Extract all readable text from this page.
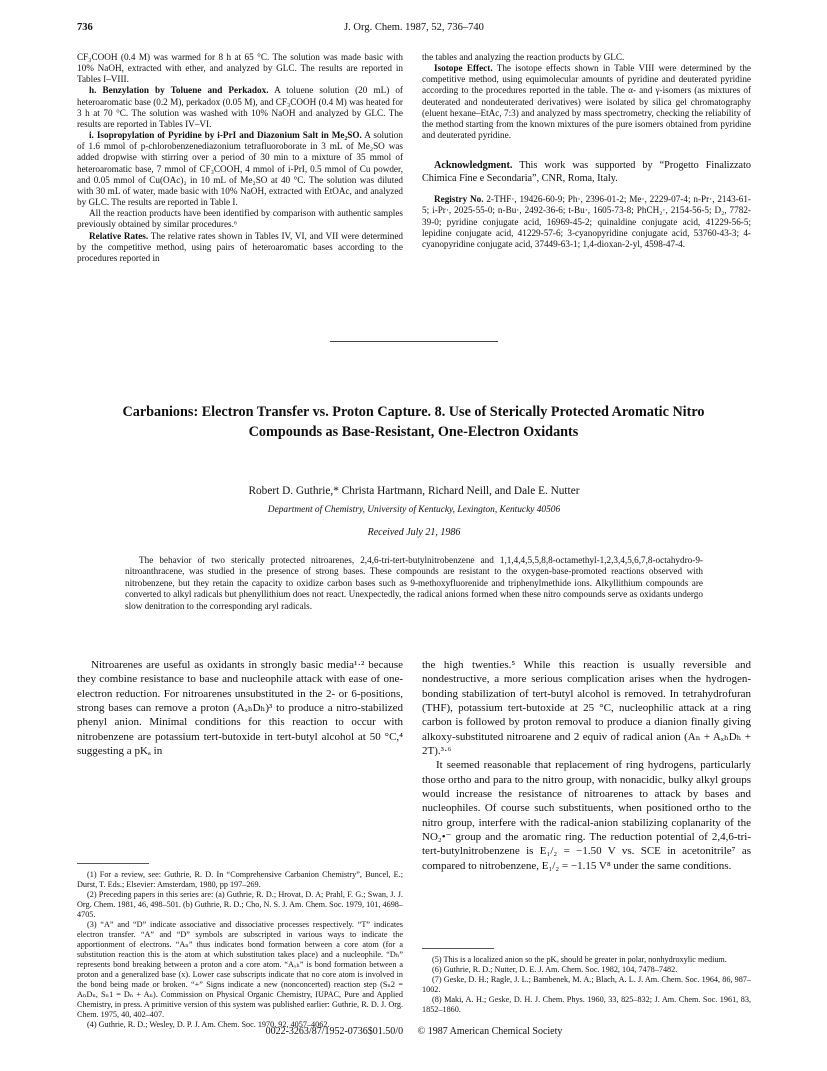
736	J. Org. Chem. 1987, 52, 736–740

CF₃COOH (0.4 M) was warmed for 8 h at 65 °C. The solution was made basic with 10% NaOH, extracted with ether, and analyzed by GLC. The results are reported in Tables I–VIII.

h. Benzylation by Toluene and Perkadox. A toluene solution (20 mL) of heteroaromatic base (0.2 M), perkadox (0.05 M), and CF₃COOH (0.4 M) was heated for 3 h at 70 °C. The solution was washed with 10% NaOH and analyzed by GLC. The results are reported in Tables IV–VI.

i. Isopropylation of Pyridine by i-PrI and Diazonium Salt in Me₂SO. A solution of 1.6 mmol of p-chlorobenzenediazonium tetrafluoroborate in 3 mL of Me₂SO was added dropwise with stirring over a period of 30 min to a mixture of 35 mmol of heteroaromatic base, 7 mmol of CF₃COOH, 4 mmol of i-PrI, 0.5 mmol of Cu powder, and 0.05 mmol of Cu(OAc)₂ in 10 mL of Me₂SO at 40 °C. The solution was diluted with 30 mL of water, made basic with 10% NaOH, extracted with EtOAc, and analyzed by GLC. The results are reported in Table I.

All the reaction products have been identified by comparison with authentic samples previously obtained by similar procedures.⁶

Relative Rates. The relative rates shown in Tables IV, VI, and VII were determined by the competitive method, using pairs of heteroaromatic bases according to the procedures reported in

the tables and analyzing the reaction products by GLC.

Isotope Effect. The isotope effects shown in Table VIII were determined by the competitive method, using equimolecular amounts of pyridine and deuterated pyridine according to the procedures reported in the table. The α- and γ-isomers (as mixtures of deuterated and nondeuterated derivatives) were isolated by silica gel chromatography (eluent hexane–EtAc, 7:3) and analyzed by mass spectrometry, checking the reliability of the method starting from the known mixtures of the pure isomers obtained from pyridine and deuterated pyridine.

Acknowledgment. This work was supported by “Progetto Finalizzato Chimica Fine e Secondaria”, CNR, Roma, Italy.

Registry No. 2-THF·, 19426-60-9; Ph·, 2396-01-2; Me·, 2229-07-4; n-Pr·, 2143-61-5; i-Pr·, 2025-55-0; n-Bu·, 2492-36-6; t-Bu·, 1605-73-8; PhCH₂·, 2154-56-5; D₂, 7782-39-0; pyridine conjugate acid, 16969-45-2; quinaldine conjugate acid, 41229-56-5; lepidine conjugate acid, 41229-57-6; 3-cyanopyridine conjugate acid, 53760-43-3; 4-cyanopyridine conjugate acid, 37449-63-1; 1,4-dioxan-2-yl, 4598-47-4.

Carbanions: Electron Transfer vs. Proton Capture. 8. Use of Sterically Protected Aromatic Nitro Compounds as Base-Resistant, One-Electron Oxidants
Robert D. Guthrie,* Christa Hartmann, Richard Neill, and Dale E. Nutter
Department of Chemistry, University of Kentucky, Lexington, Kentucky 40506
Received July 21, 1986

The behavior of two sterically protected nitroarenes, 2,4,6-tri-tert-butylnitrobenzene and 1,1,4,4,5,5,8,8-octamethyl-1,2,3,4,5,6,7,8-octahydro-9-nitroanthracene, was studied in the presence of strong bases. These compounds are resistant to the oxygen-base-promoted reactions observed with nitrobenzene, but they retain the capacity to oxidize carbon bases such as 9-methoxyfluorenide and triphenylmethide ions. Alkyllithium compounds are converted to alkyl radicals but phenyllithium does not react. Unexpectedly, the radical anions formed when these nitro compounds serve as oxidants undergo slow denitration to the corresponding aryl radicals.

Nitroarenes are useful as oxidants in strongly basic media¹·² because they combine resistance to base and nucleophile attack with ease of one-electron reduction. For nitroarenes unsubstituted in the 2- or 6-positions, strong bases can remove a proton (AₓₕDₕ)³ to produce a nitro-stabilized phenyl anion. Minimal conditions for this reaction to occur with nitrobenzene are potassium tert-butoxide in tert-butyl alcohol at 50 °C,⁴ suggesting a pKₐ in

the high twenties.⁵ While this reaction is usually reversible and nondestructive, a more serious complication arises when the hydrogen-bonding stabilization of tert-butyl alcohol is removed. In tetrahydrofuran (THF), potassium tert-butoxide at 25 °C, nucleophilic attack at a ring carbon is followed by proton removal to produce a dianion finally giving alkoxy-substituted nitroarene and 2 equiv of radical anion (Aₙ + AₓₕDₕ + 2T).³·⁶

It seemed reasonable that replacement of ring hydrogens, particularly those ortho and para to the nitro group, with nonacidic, bulky alkyl groups would increase the resistance of nitroarenes to attack by bases and nucleophiles. Of course such substituents, when positioned ortho to the nitro group, interfere with the radical-anion stabilizing coplanarity of the NO₂•⁻ group and the aromatic ring. The reduction potential of 2,4,6-tri-tert-butylnitrobenzene is E₁/₂ = −1.50 V vs. SCE in acetonitrile⁷ as compared to nitrobenzene, E₁/₂ = −1.15 V⁸ under the same conditions.

(1) For a review, see: Guthrie, R. D. In “Comprehensive Carbanion Chemistry”, Buncel, E.; Durst, T. Eds.; Elsevier: Amsterdam, 1980, pp 197–269.

(2) Preceding papers in this series are: (a) Guthrie, R. D.; Hrovat, D. A; Prahl, F. G.; Swan, J. J. Org. Chem. 1981, 46, 498–501. (b) Guthrie, R. D.; Cho, N. S. J. Am. Chem. Soc. 1979, 101, 4698–4705.

(3) “A” and “D” indicate associative and dissociative processes respectively. “T” indicates electron transfer. “A” and “D” symbols are subscripted in various ways to indicate the apportionment of electrons. “Aₙ” thus indicates bond formation between a core atom (for a substitution reaction this is the atom at which substitution takes place) and a nucleophile. “Dₕ” represents bond breaking between a proton and a core atom. “Aₓₕ” is bond formation between a proton and a generalized base (x). Lower case subscripts indicate that no core atom is involved in the bond being made or broken. “+” Signs indicate a new (nonconcerted) reaction step (Sₙ2 = AₙDₙ, Sₙ1 = Dₙ + Aₙ). Commission on Physical Organic Chemistry, IUPAC, Pure and Applied Chemistry, in press. A primitive version of this system was published earlier: Guthrie, R. D. J. Org. Chem. 1975, 40, 402–407.

(4) Guthrie, R. D.; Wesley, D. P. J. Am. Chem. Soc. 1970, 92, 4057–4062.

(5) This is a localized anion so the pKₐ should be greater in polar, nonhydroxylic medium.

(6) Guthrie, R. D.; Nutter, D. E. J. Am. Chem. Soc. 1982, 104, 7478–7482.

(7) Geske, D. H.; Ragle, J. L.; Bambenek, M. A.; Blach, A. L. J. Am. Chem. Soc. 1964, 86, 987–1002.

(8) Maki, A. H.; Geske, D. H. J. Chem. Phys. 1960, 33, 825–832; J. Am. Chem. Soc. 1961, 83, 1852–1860.

0022-3263/87/1952-0736$01.50/0 © 1987 American Chemical Society
